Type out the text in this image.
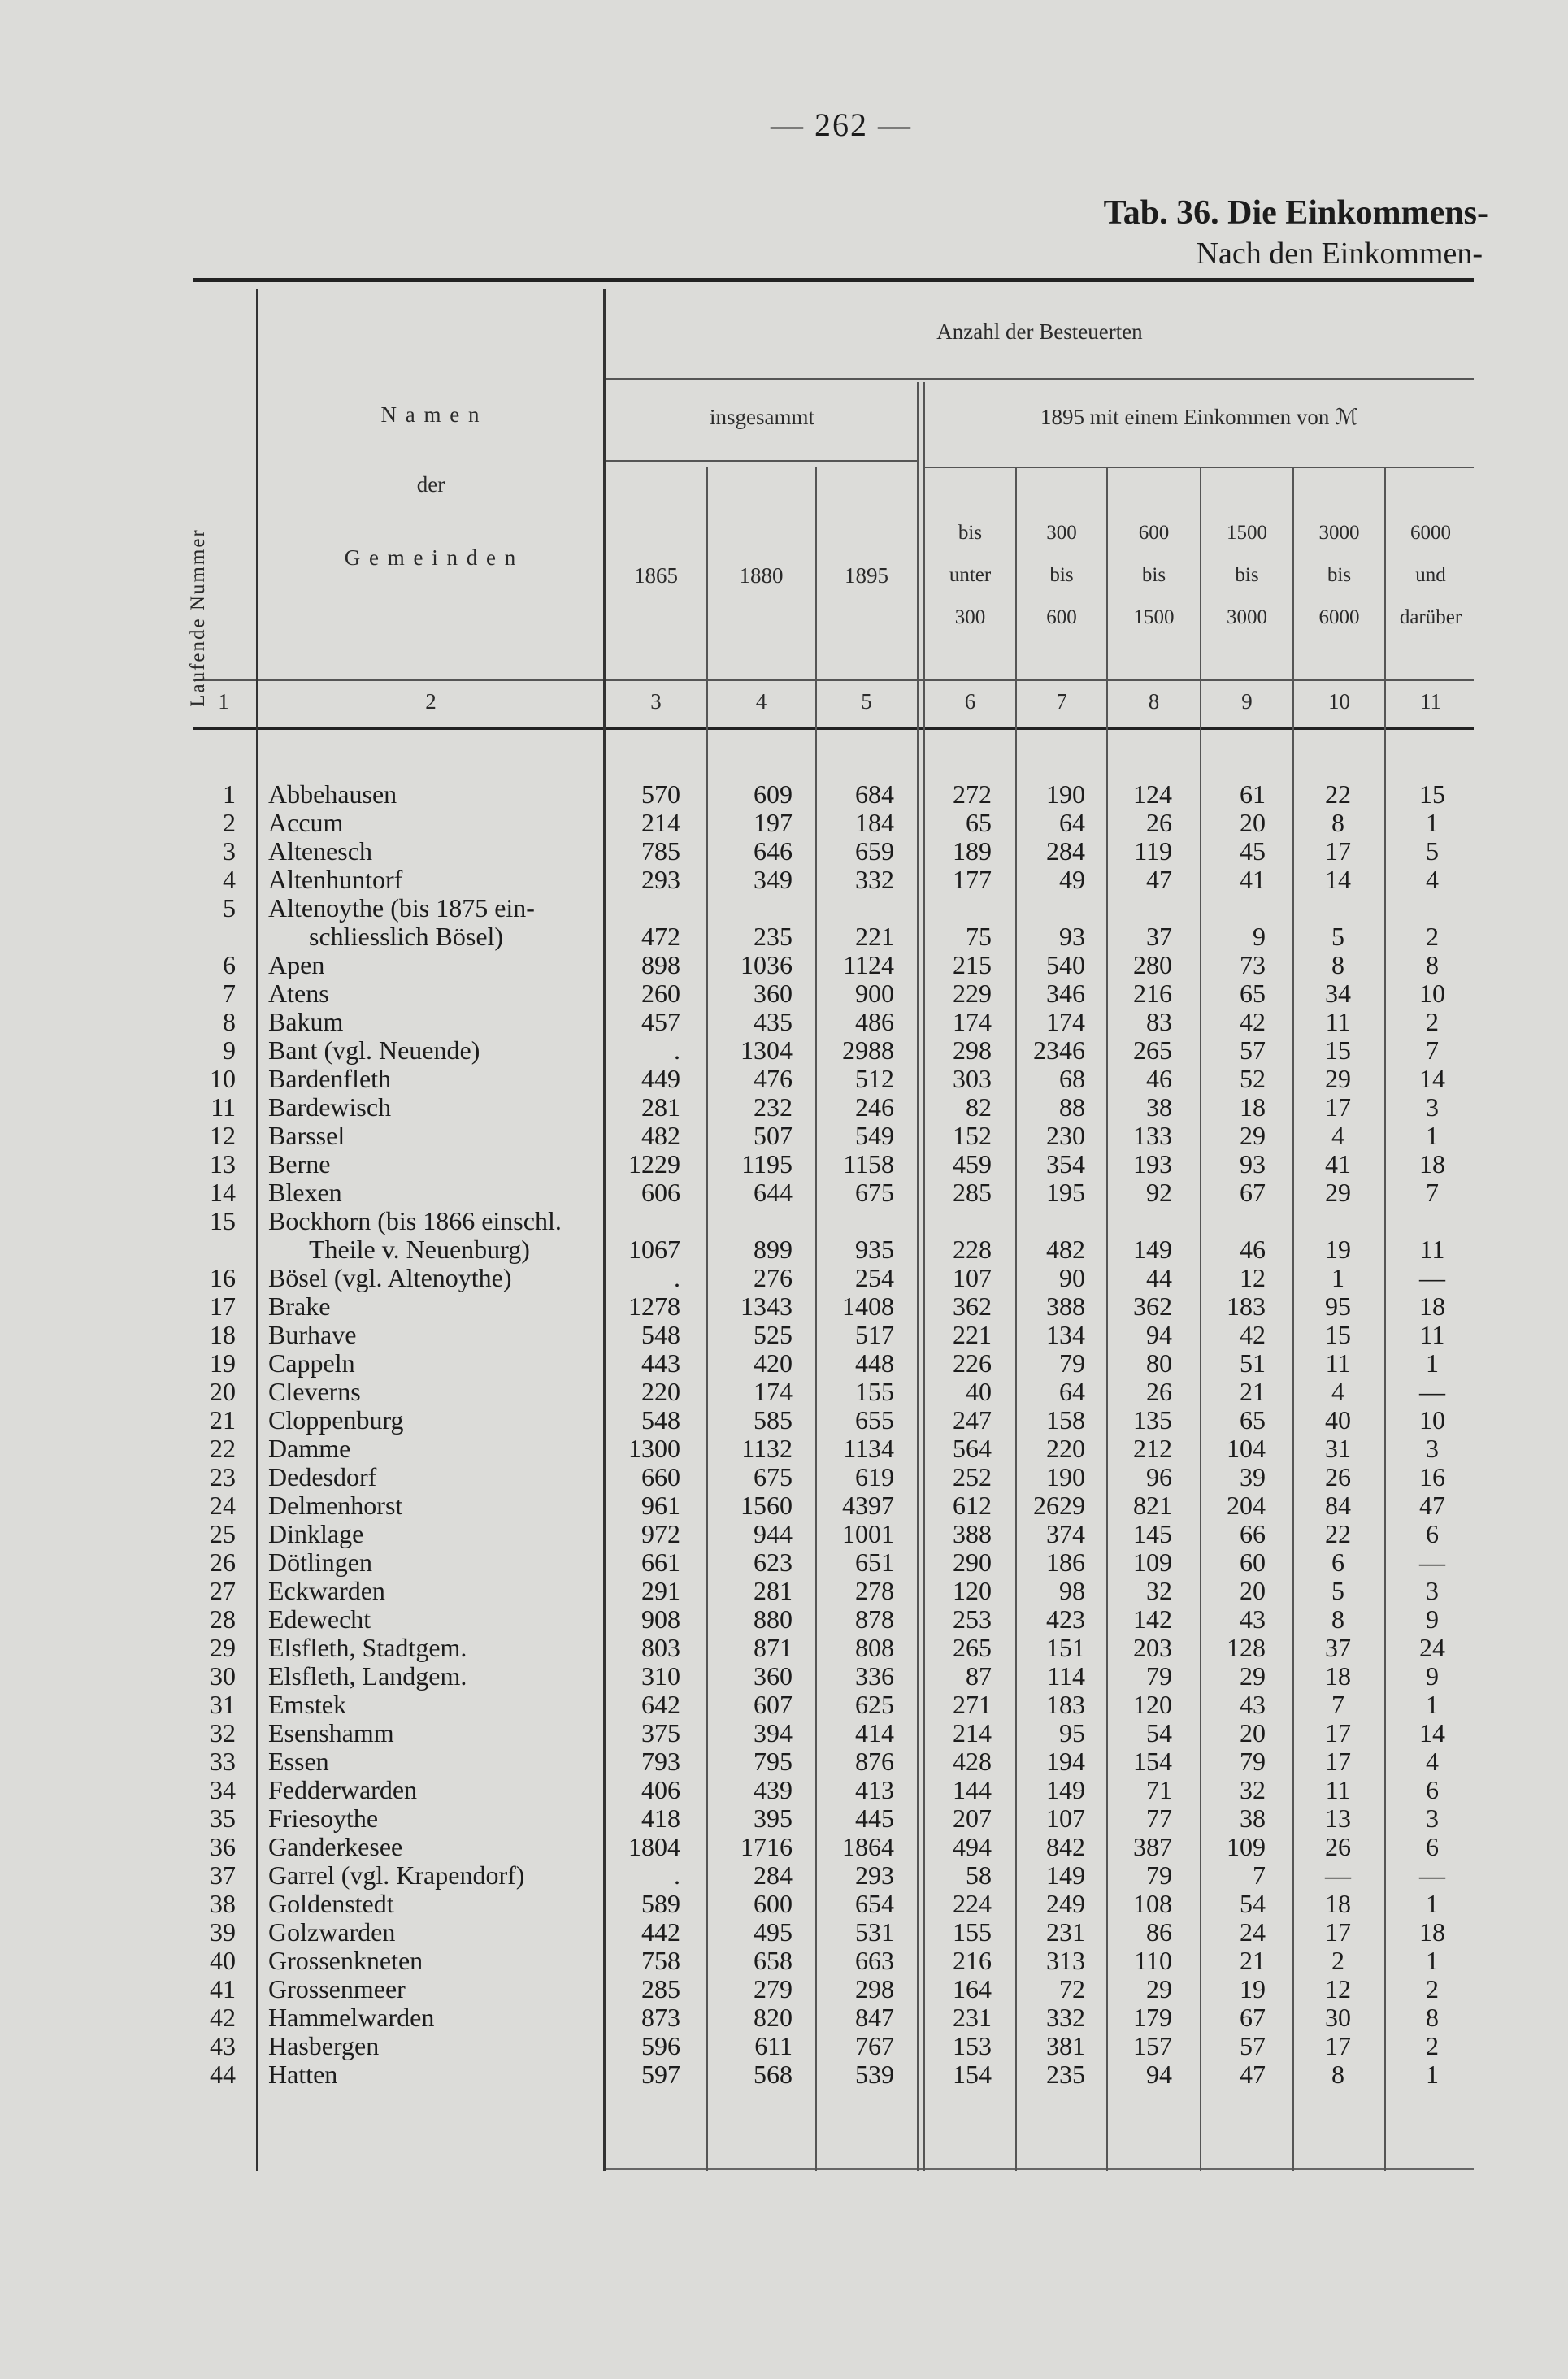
— 262 —
Tab. 36. Die Einkommens-
Nach den Einkommen-
Laufende Nummer
N a m e n
der
G e m e i n d e n
Anzahl der Besteuerten
insgesammt	1895 mit einem Einkommen von ℳ
1865	1880	1895
bis
unter
300
300
bis
600
600
bis
1500
1500
bis
3000
3000
bis
6000
6000
und
darüber
1	2	3	4	5	6	7	8	9	10	11
1 Abbehausen	570	609	684	272	190	124	61	22	15
2 Accum	214	197	184	65	64	26	20	8	1
3 Altenesch	785	646	659	189	284	119	45	17	5
4 Altenhuntorf	293	349	332	177	49	47	41	14	4
5 Altenoythe (bis 1875 ein-
schliesslich Bösel)	472	235	221	75	93	37	9	5	2
6 Apen	898	1036	1124	215	540	280	73	8	8
7 Atens	260	360	900	229	346	216	65	34	10
8 Bakum	457	435	486	174	174	83	42	11	2
9 Bant (vgl. Neuende)	.	1304	2988	298	2346	265	57	15	7
10 Bardenfleth	449	476	512	303	68	46	52	29	14
11 Bardewisch	281	232	246	82	88	38	18	17	3
12 Barssel	482	507	549	152	230	133	29	4	1
13 Berne	1229	1195	1158	459	354	193	93	41	18
14 Blexen	606	644	675	285	195	92	67	29	7
15 Bockhorn (bis 1866 einschl.
Theile v. Neuenburg)	1067	899	935	228	482	149	46	19	11
16 Bösel (vgl. Altenoythe)	.	276	254	107	90	44	12	1	—
17 Brake	1278	1343	1408	362	388	362	183	95	18
18 Burhave	548	525	517	221	134	94	42	15	11
19 Cappeln	443	420	448	226	79	80	51	11	1
20 Cleverns	220	174	155	40	64	26	21	4	—
21 Cloppenburg	548	585	655	247	158	135	65	40	10
22 Damme	1300	1132	1134	564	220	212	104	31	3
23 Dedesdorf	660	675	619	252	190	96	39	26	16
24 Delmenhorst	961	1560	4397	612	2629	821	204	84	47
25 Dinklage	972	944	1001	388	374	145	66	22	6
26 Dötlingen	661	623	651	290	186	109	60	6	—
27 Eckwarden	291	281	278	120	98	32	20	5	3
28 Edewecht	908	880	878	253	423	142	43	8	9
29 Elsfleth, Stadtgem.	803	871	808	265	151	203	128	37	24
30 Elsfleth, Landgem.	310	360	336	87	114	79	29	18	9
31 Emstek	642	607	625	271	183	120	43	7	1
32 Esenshamm	375	394	414	214	95	54	20	17	14
33 Essen	793	795	876	428	194	154	79	17	4
34 Fedderwarden	406	439	413	144	149	71	32	11	6
35 Friesoythe	418	395	445	207	107	77	38	13	3
36 Ganderkesee	1804	1716	1864	494	842	387	109	26	6
37 Garrel (vgl. Krapendorf)	.	284	293	58	149	79	7	—	—
38 Goldenstedt	589	600	654	224	249	108	54	18	1
39 Golzwarden	442	495	531	155	231	86	24	17	18
40 Grossenkneten	758	658	663	216	313	110	21	2	1
41 Grossenmeer	285	279	298	164	72	29	19	12	2
42 Hammelwarden	873	820	847	231	332	179	67	30	8
43 Hasbergen	596	611	767	153	381	157	57	17	2
44 Hatten	597	568	539	154	235	94	47	8	1
